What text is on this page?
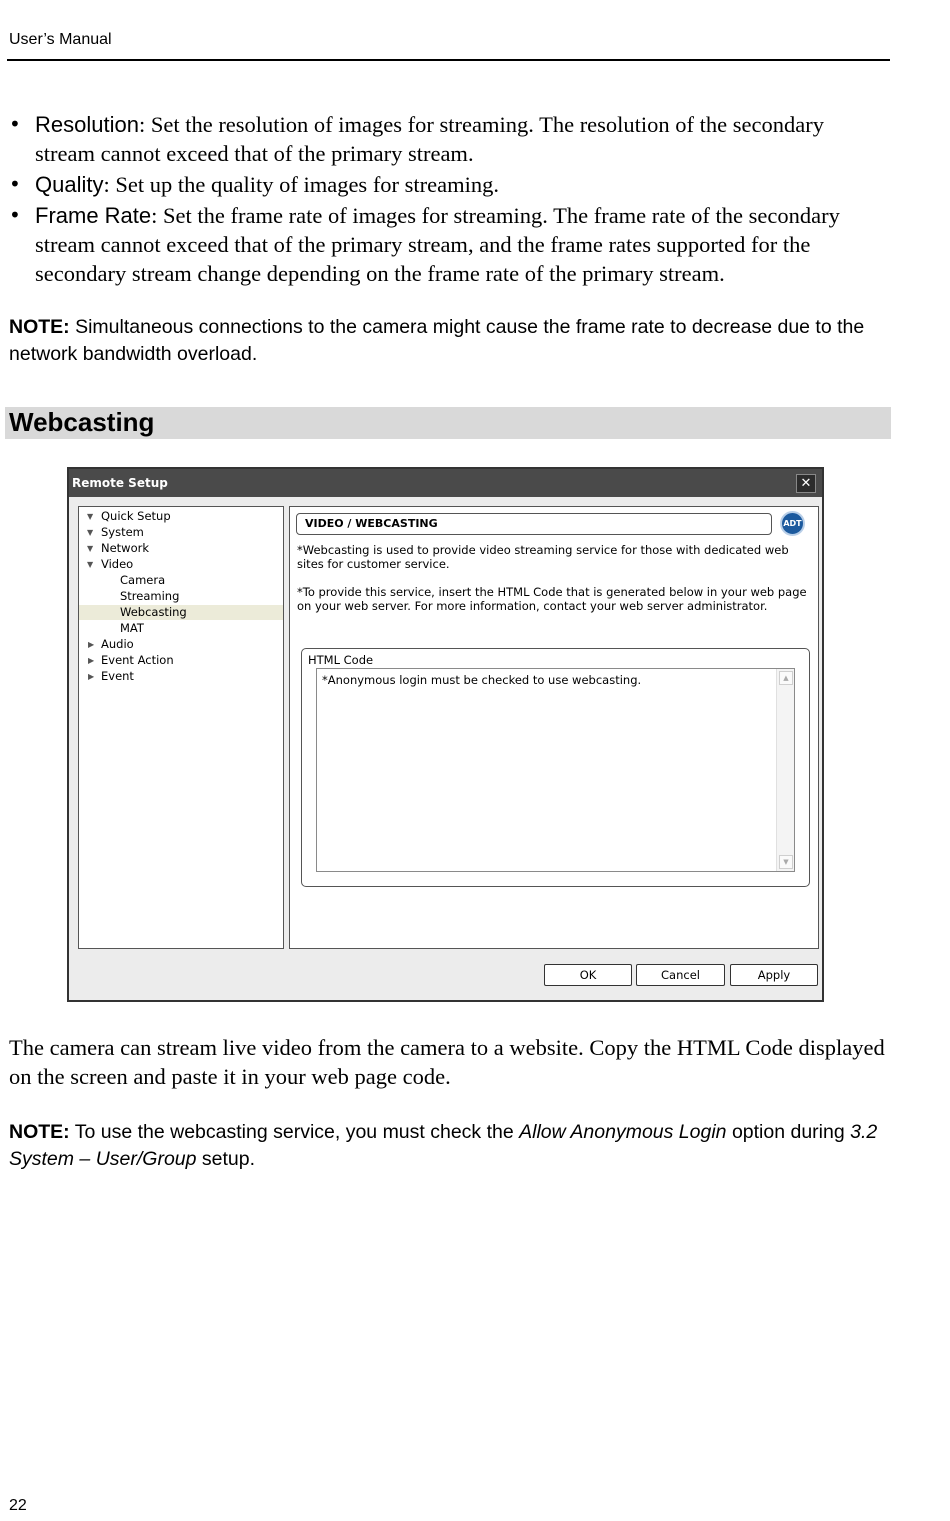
User’s Manual
• Resolution: Set the resolution of images for streaming. The resolution of the secondary stream cannot exceed that of the primary stream.
• Quality: Set up the quality of images for streaming.
• Frame Rate: Set the frame rate of images for streaming. The frame rate of the secondary stream cannot exceed that of the primary stream, and the frame rates supported for the secondary stream change depending on the frame rate of the primary stream.
NOTE: Simultaneous connections to the camera might cause the frame rate to decrease due to the network bandwidth overload.
Webcasting
Remote Setup	✕
▼ Quick Setup
▼ System
▼ Network
▼ Video
Camera
Streaming
Webcasting
MAT
▶ Audio
▶ Event Action
▶ Event
VIDEO / WEBCASTING	ADT
*Webcasting is used to provide video streaming service for those with dedicated web sites for customer service.
*To provide this service, insert the HTML Code that is generated below in your web page on your web server. For more information, contact your web server administrator.
HTML Code
*Anonymous login must be checked to use webcasting.	▲
▼
OK	Cancel	Apply
The camera can stream live video from the camera to a website. Copy the HTML Code displayed on the screen and paste it in your web page code.
NOTE: To use the webcasting service, you must check the Allow Anonymous Login option during 3.2 System – User/Group setup.
22
